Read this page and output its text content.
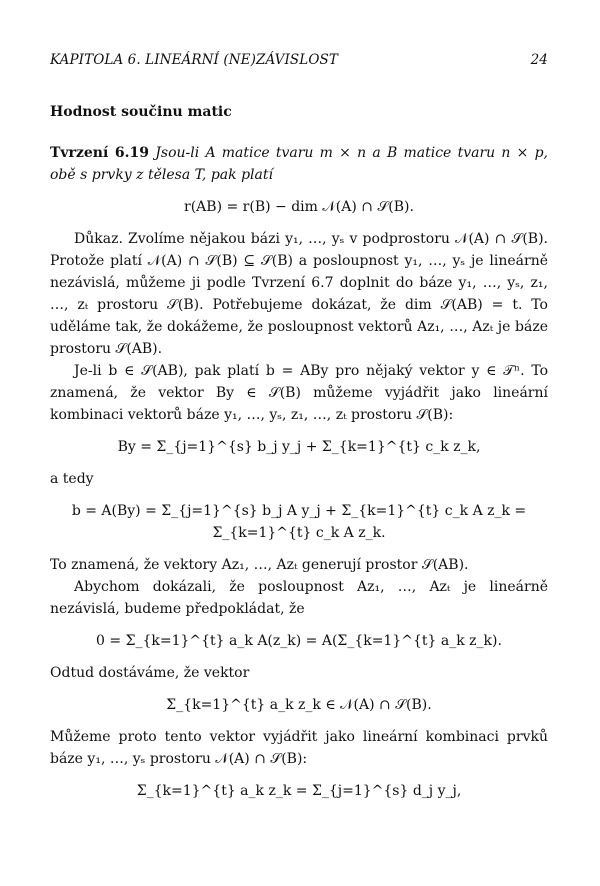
KAPITOLA 6. LINEÁRNÍ (NE)ZÁVISLOST	24
Hodnost součinu matic

Tvrzení 6.19 Jsou-li A matice tvaru m × n a B matice tvaru n × p, obě s prvky z tělesa T, pak platí

r(AB) = r(B) − dim 𝒩(A) ∩ 𝒮(B).

Důkaz. Zvolíme nějakou bázi y₁, …, yₛ v podprostoru 𝒩(A) ∩ 𝒮(B). Protože platí 𝒩(A) ∩ 𝒮(B) ⊆ 𝒮(B) a posloupnost y₁, …, yₛ je lineárně nezávislá, můžeme ji podle Tvrzení 6.7 doplnit do báze y₁, …, yₛ, z₁, …, zₜ prostoru 𝒮(B). Potřebujeme dokázat, že dim 𝒮(AB) = t. To uděláme tak, že dokážeme, že posloupnost vektorů Az₁, …, Azₜ je báze prostoru 𝒮(AB).

Je-li b ∈ 𝒮(AB), pak platí b = ABy pro nějaký vektor y ∈ 𝒯ⁿ. To znamená, že vektor By ∈ 𝒮(B) můžeme vyjádřit jako lineární kombinaci vektorů báze y₁, …, yₛ, z₁, …, zₜ prostoru 𝒮(B):

By = Σ_{j=1}^{s} b_j y_j + Σ_{k=1}^{t} c_k z_k,

a tedy

b = A(By) = Σ_{j=1}^{s} b_j A y_j + Σ_{k=1}^{t} c_k A z_k = Σ_{k=1}^{t} c_k A z_k.

To znamená, že vektory Az₁, …, Azₜ generují prostor 𝒮(AB).

Abychom dokázali, že posloupnost Az₁, …, Azₜ je lineárně nezávislá, budeme předpokládat, že

0 = Σ_{k=1}^{t} a_k A(z_k) = A(Σ_{k=1}^{t} a_k z_k).

Odtud dostáváme, že vektor

Σ_{k=1}^{t} a_k z_k ∈ 𝒩(A) ∩ 𝒮(B).

Můžeme proto tento vektor vyjádřit jako lineární kombinaci prvků báze y₁, …, yₛ prostoru 𝒩(A) ∩ 𝒮(B):

Σ_{k=1}^{t} a_k z_k = Σ_{j=1}^{s} d_j y_j,
